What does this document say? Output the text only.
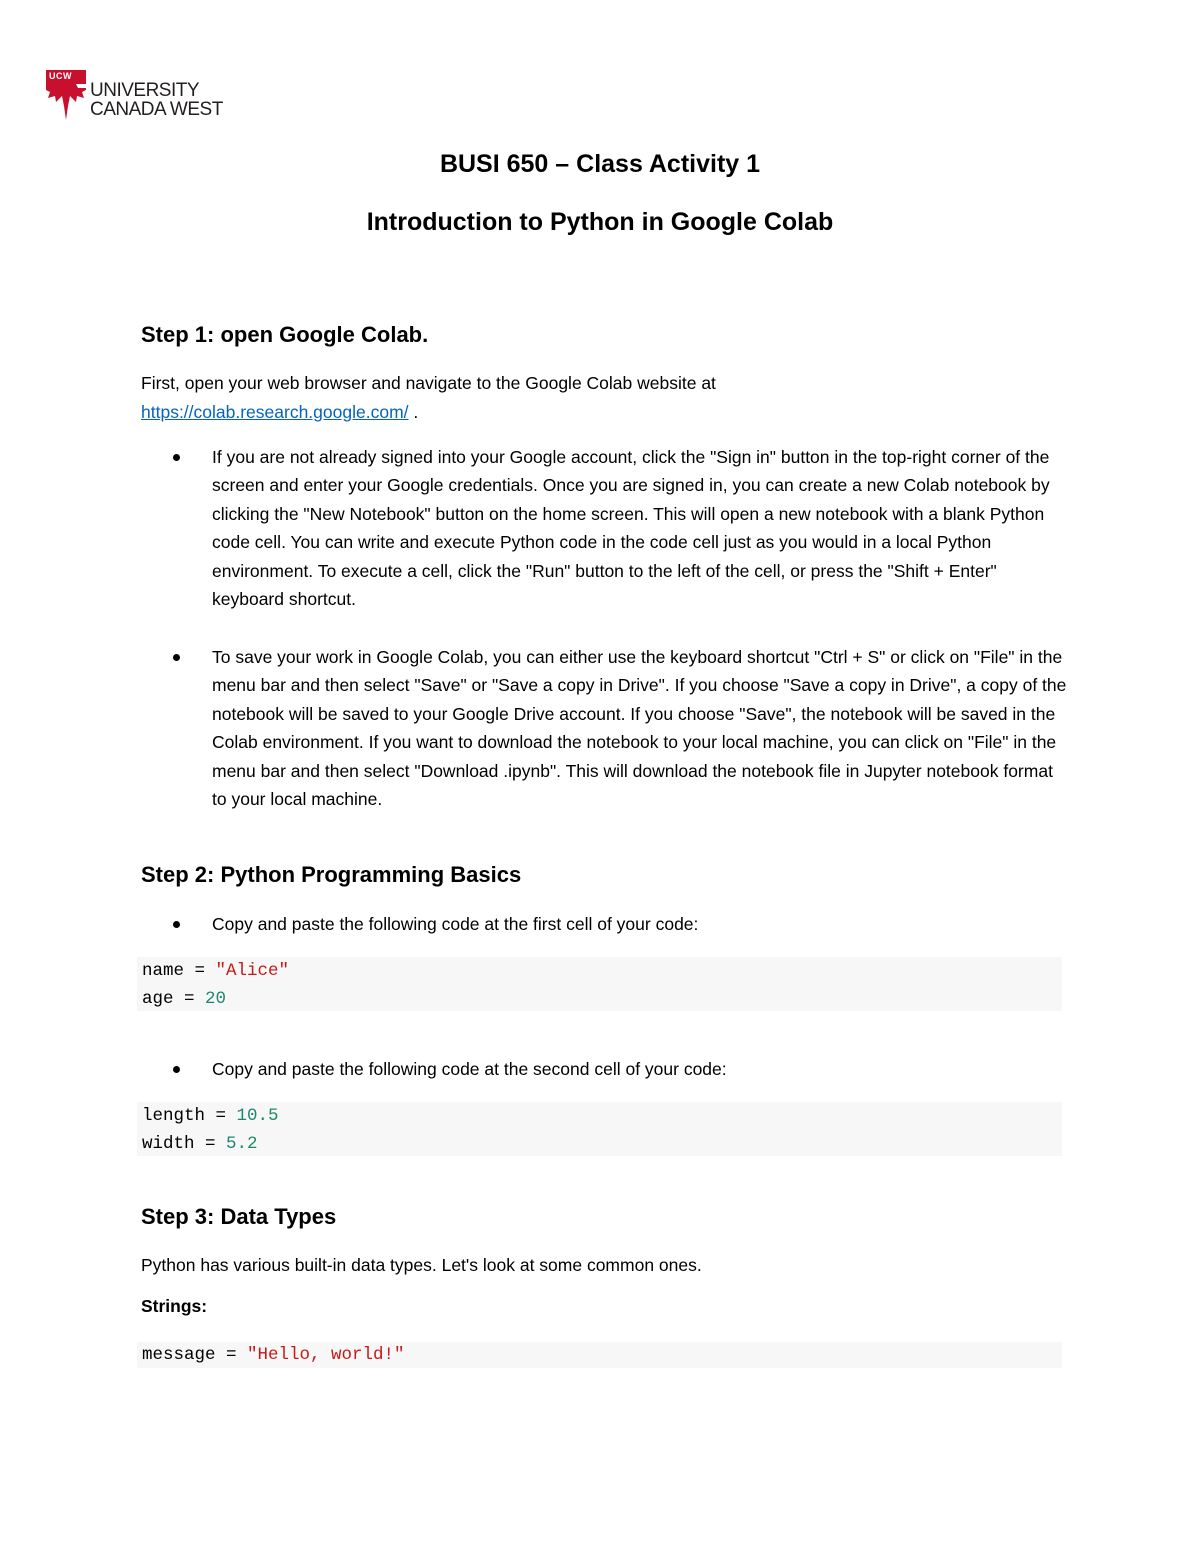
UCW
UNIVERSITY
CANADA WEST
BUSI 650 – Class Activity 1
Introduction to Python in Google Colab
Step 1: open Google Colab.
First, open your web browser and navigate to the Google Colab website at
https://colab.research.google.com/ .
If you are not already signed into your Google account, click the "Sign in" button in the top-right corner of the screen and enter your Google credentials. Once you are signed in, you can create a new Colab notebook by clicking the "New Notebook" button on the home screen. This will open a new notebook with a blank Python code cell. You can write and execute Python code in the code cell just as you would in a local Python environment. To execute a cell, click the "Run" button to the left of the cell, or press the "Shift + Enter" keyboard shortcut.
To save your work in Google Colab, you can either use the keyboard shortcut "Ctrl + S" or click on "File" in the menu bar and then select "Save" or "Save a copy in Drive". If you choose "Save a copy in Drive", a copy of the notebook will be saved to your Google Drive account. If you choose "Save", the notebook will be saved in the Colab environment. If you want to download the notebook to your local machine, you can click on "File" in the menu bar and then select "Download .ipynb". This will download the notebook file in Jupyter notebook format to your local machine.
Step 2: Python Programming Basics
Copy and paste the following code at the first cell of your code:
name = "Alice"
age = 20
Copy and paste the following code at the second cell of your code:
length = 10.5
width = 5.2
Step 3: Data Types
Python has various built-in data types. Let's look at some common ones.
Strings:
message = "Hello, world!"
